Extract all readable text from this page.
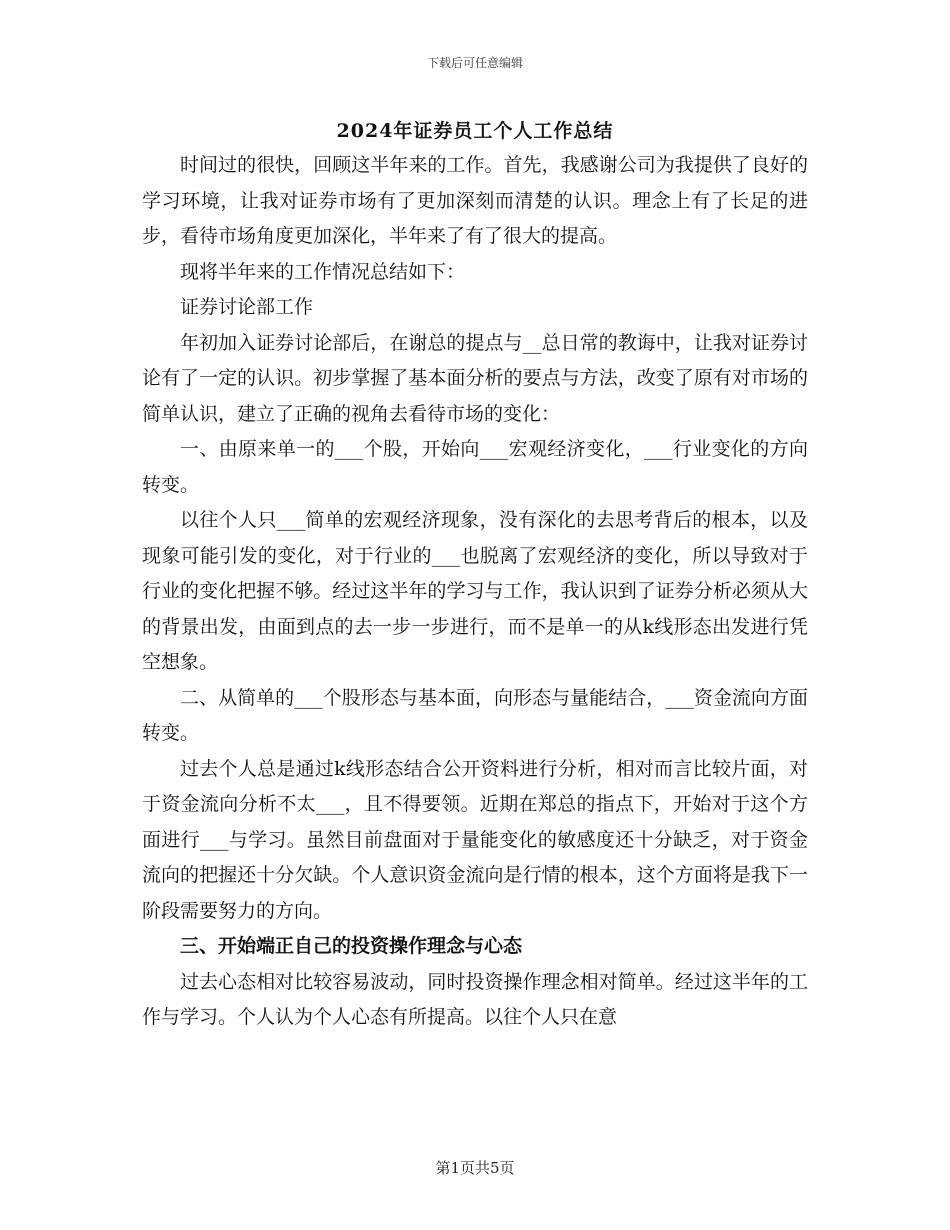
下载后可任意编辑
2024年证券员工个人工作总结

时间过的很快，回顾这半年来的工作。首先，我感谢公司为我提供了良好的学习环境，让我对证券市场有了更加深刻而清楚的认识。理念上有了长足的进步，看待市场角度更加深化，半年来了有了很大的提高。

现将半年来的工作情况总结如下：

证券讨论部工作

年初加入证券讨论部后，在谢总的提点与__总日常的教诲中，让我对证券讨论有了一定的认识。初步掌握了基本面分析的要点与方法，改变了原有对市场的简单认识，建立了正确的视角去看待市场的变化：

一、由原来单一的___个股，开始向___宏观经济变化，___行业变化的方向转变。

以往个人只___简单的宏观经济现象，没有深化的去思考背后的根本，以及现象可能引发的变化，对于行业的___也脱离了宏观经济的变化，所以导致对于行业的变化把握不够。经过这半年的学习与工作，我认识到了证券分析必须从大的背景出发，由面到点的去一步一步进行，而不是单一的从k线形态出发进行凭空想象。

二、从简单的___个股形态与基本面，向形态与量能结合，___资金流向方面转变。

过去个人总是通过k线形态结合公开资料进行分析，相对而言比较片面，对于资金流向分析不太___，且不得要领。近期在郑总的指点下，开始对于这个方面进行___与学习。虽然目前盘面对于量能变化的敏感度还十分缺乏，对于资金流向的把握还十分欠缺。个人意识资金流向是行情的根本，这个方面将是我下一阶段需要努力的方向。

三、开始端正自己的投资操作理念与心态

过去心态相对比较容易波动，同时投资操作理念相对简单。经过这半年的工作与学习。个人认为个人心态有所提高。以往个人只在意

第1页共5页
